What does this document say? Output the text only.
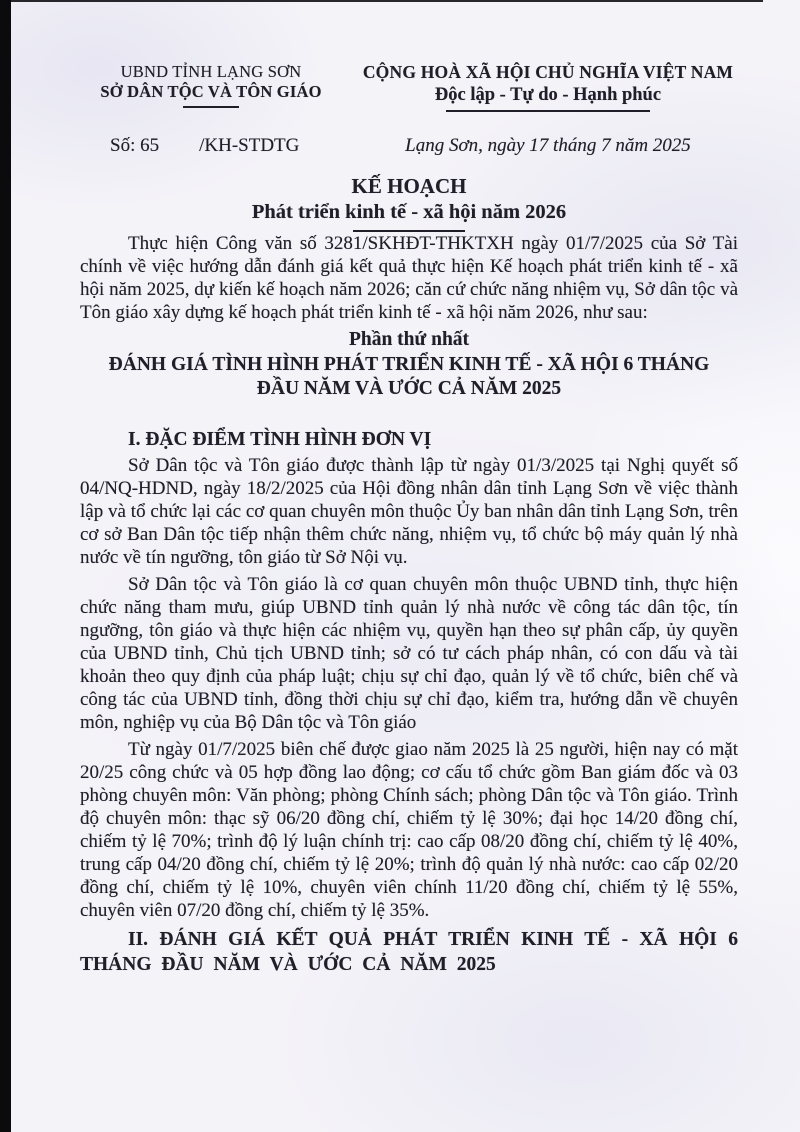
UBND TỈNH LẠNG SƠN
SỞ DÂN TỘC VÀ TÔN GIÁO
CỘNG HOÀ XÃ HỘI CHỦ NGHĨA VIỆT NAM
Độc lập - Tự do - Hạnh phúc
Số: 65 /KH-STDTG	Lạng Sơn, ngày 17 tháng 7 năm 2025
KẾ HOẠCH
Phát triển kinh tế - xã hội năm 2026

Thực hiện Công văn số 3281/SKHĐT-THKTXH ngày 01/7/2025 của Sở Tài chính về việc hướng dẫn đánh giá kết quả thực hiện Kế hoạch phát triển kinh tế - xã hội năm 2025, dự kiến kế hoạch năm 2026; căn cứ chức năng nhiệm vụ, Sở dân tộc và Tôn giáo xây dựng kế hoạch phát triển kinh tế - xã hội năm 2026, như sau:

Phần thứ nhất
ĐÁNH GIÁ TÌNH HÌNH PHÁT TRIỂN KINH TẾ - XÃ HỘI 6 THÁNG ĐẦU NĂM VÀ ƯỚC CẢ NĂM 2025
I. ĐẶC ĐIỂM TÌNH HÌNH ĐƠN VỊ

Sở Dân tộc và Tôn giáo được thành lập từ ngày 01/3/2025 tại Nghị quyết số 04/NQ-HDND, ngày 18/2/2025 của Hội đồng nhân dân tỉnh Lạng Sơn về việc thành lập và tổ chức lại các cơ quan chuyên môn thuộc Ủy ban nhân dân tỉnh Lạng Sơn, trên cơ sở Ban Dân tộc tiếp nhận thêm chức năng, nhiệm vụ, tổ chức bộ máy quản lý nhà nước về tín ngưỡng, tôn giáo từ Sở Nội vụ.

Sở Dân tộc và Tôn giáo là cơ quan chuyên môn thuộc UBND tỉnh, thực hiện chức năng tham mưu, giúp UBND tỉnh quản lý nhà nước về công tác dân tộc, tín ngưỡng, tôn giáo và thực hiện các nhiệm vụ, quyền hạn theo sự phân cấp, ủy quyền của UBND tỉnh, Chủ tịch UBND tỉnh; sở có tư cách pháp nhân, có con dấu và tài khoản theo quy định của pháp luật; chịu sự chỉ đạo, quản lý về tổ chức, biên chế và công tác của UBND tỉnh, đồng thời chịu sự chỉ đạo, kiểm tra, hướng dẫn về chuyên môn, nghiệp vụ của Bộ Dân tộc và Tôn giáo

Từ ngày 01/7/2025 biên chế được giao năm 2025 là 25 người, hiện nay có mặt 20/25 công chức và 05 hợp đồng lao động; cơ cấu tổ chức gồm Ban giám đốc và 03 phòng chuyên môn: Văn phòng; phòng Chính sách; phòng Dân tộc và Tôn giáo. Trình độ chuyên môn: thạc sỹ 06/20 đồng chí, chiếm tỷ lệ 30%; đại học 14/20 đồng chí, chiếm tỷ lệ 70%; trình độ lý luận chính trị: cao cấp 08/20 đồng chí, chiếm tỷ lệ 40%, trung cấp 04/20 đồng chí, chiếm tỷ lệ 20%; trình độ quản lý nhà nước: cao cấp 02/20 đồng chí, chiếm tỷ lệ 10%, chuyên viên chính 11/20 đồng chí, chiếm tỷ lệ 55%, chuyên viên 07/20 đồng chí, chiếm tỷ lệ 35%.

II. ĐÁNH GIÁ KẾT QUẢ PHÁT TRIỂN KINH TẾ - XÃ HỘI 6 THÁNG ĐẦU NĂM VÀ ƯỚC CẢ NĂM 2025
